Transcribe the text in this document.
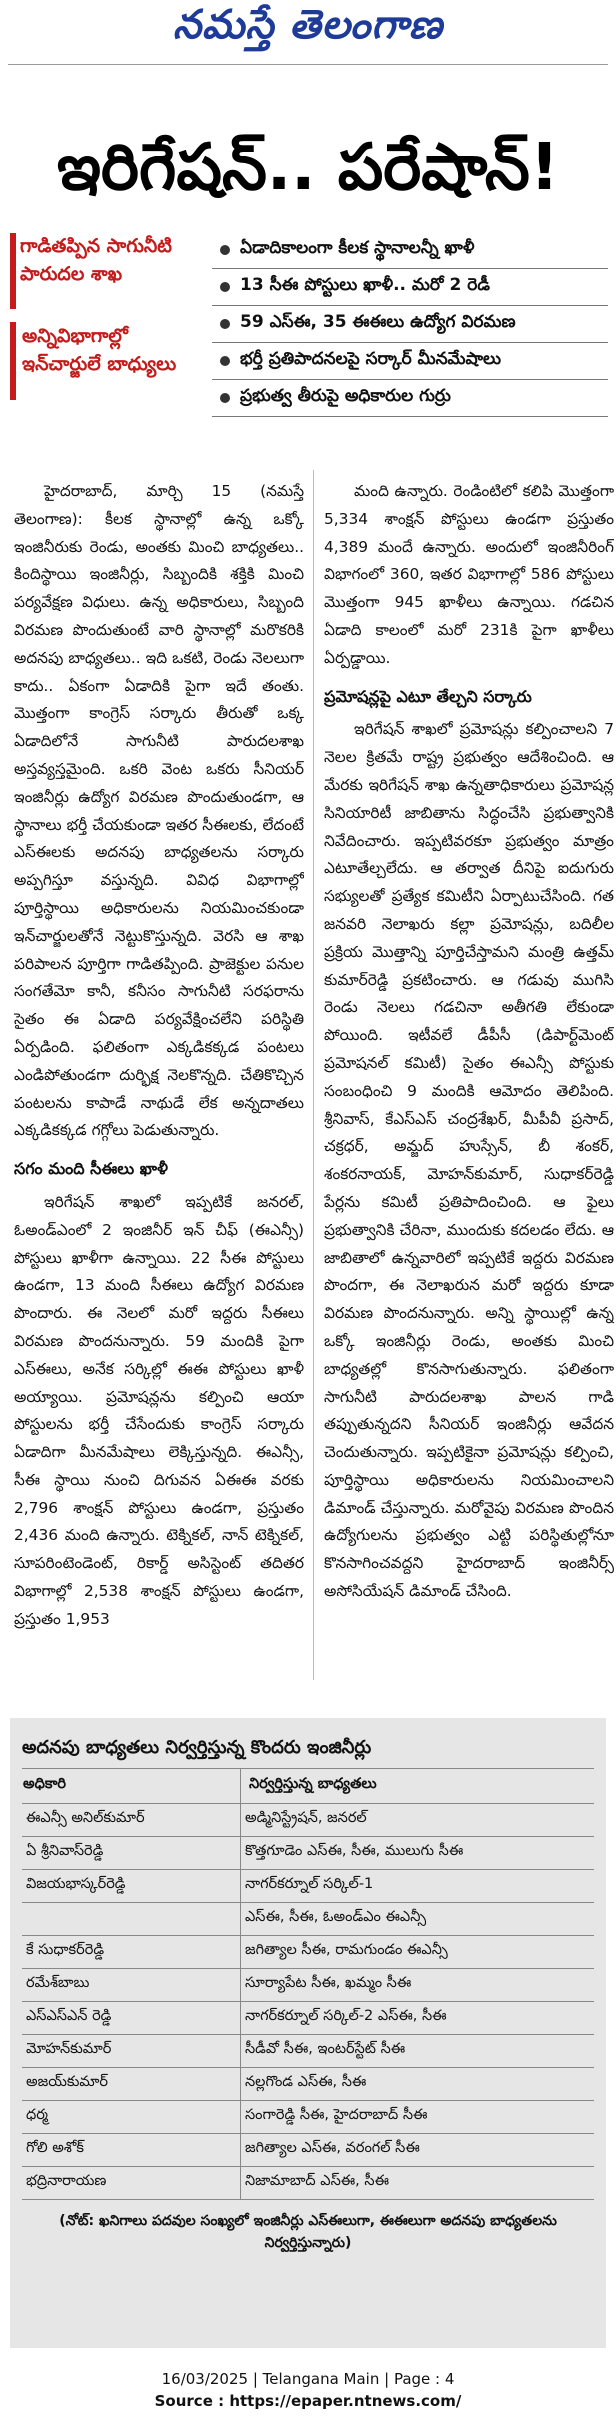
నమస్తే తెలంగాణ
ఇరిగేషన్.. పరేషాన్!
గాడితప్పిన సాగునీటి పారుదల శాఖ
అన్నివిభాగాల్లో ఇన్‌చార్జులే బాధ్యులు
ఏడాదికాలంగా కీలక స్థానాలన్నీ ఖాళీ
13 సీఈ పోస్టులు ఖాళీ.. మరో 2 రెడీ
59 ఎస్ఈ, 35 ఈఈలు ఉద్యోగ విరమణ
భర్తీ ప్రతిపాదనలపై సర్కార్ మీనమేషాలు
ప్రభుత్వ తీరుపై అధికారుల గుర్రు

హైదరాబాద్, మార్చి 15 (నమస్తే తెలంగాణ): కీలక స్థానాల్లో ఉన్న ఒక్కో ఇంజినీరుకు రెండు, అంతకు మించి బాధ్యతలు.. కిందిస్థాయి ఇంజినీర్లు, సిబ్బందికి శక్తికి మించి పర్యవేక్షణ విధులు. ఉన్న అధికారులు, సిబ్బంది విరమణ పొందుతుంటే వారి స్థానాల్లో మరొకరికి అదనపు బాధ్యతలు.. ఇది ఒకటి, రెండు నెలలుగా కాదు.. ఏకంగా ఏడాదికి పైగా ఇదే తంతు. మొత్తంగా కాంగ్రెస్ సర్కారు తీరుతో ఒక్క ఏడాదిలోనే సాగునీటి పారుదలశాఖ అస్తవ్యస్తమైంది. ఒకరి వెంట ఒకరు సీనియర్ ఇంజినీర్లు ఉద్యోగ విరమణ పొందుతుండగా, ఆ స్థానాలు భర్తీ చేయకుండా ఇతర సీఈలకు, లేదంటే ఎస్ఈలకు అదనపు బాధ్యతలను సర్కారు అప్పగిస్తూ వస్తున్నది. వివిధ విభాగాల్లో పూర్తిస్థాయి అధికారులను నియమించకుండా ఇన్‌చార్జులతోనే నెట్టుకొస్తున్నది. వెరసి ఆ శాఖ పరిపాలన పూర్తిగా గాడితప్పింది. ప్రాజెక్టుల పనుల సంగతేమో కానీ, కనీసం సాగునీటి సరఫరాను సైతం ఈ ఏడాది పర్యవేక్షించలేని పరిస్థితి ఏర్పడింది. ఫలితంగా ఎక్కడికక్కడ పంటలు ఎండిపోతుండగా దుర్భిక్ష నెలకొన్నది. చేతికొచ్చిన పంటలను కాపాడే నాథుడే లేక అన్నదాతలు ఎక్కడికక్కడ గగ్గోలు పెడుతున్నారు.

సగం మంది సీఈలు ఖాళీ

ఇరిగేషన్ శాఖలో ఇప్పటికే జనరల్, ఓఅండ్ఎంలో 2 ఇంజినీర్ ఇన్ చీఫ్ (ఈఎన్సీ) పోస్టులు ఖాళీగా ఉన్నాయి. 22 సీఈ పోస్టులు ఉండగా, 13 మంది సీఈలు ఉద్యోగ విరమణ పొందారు. ఈ నెలలో మరో ఇద్దరు సీఈలు విరమణ పొందనున్నారు. 59 మందికి పైగా ఎస్ఈలు, అనేక సర్కిల్లో ఈఈ పోస్టులు ఖాళీ అయ్యాయి. ప్రమోషన్లను కల్పించి ఆయా పోస్టులను భర్తీ చేసేందుకు కాంగ్రెస్ సర్కారు ఏడాదిగా మీనమేషాలు లెక్కిస్తున్నది. ఈఎన్సీ, సీఈ స్థాయి నుంచి దిగువన ఏఈఈ వరకు 2,796 శాంక్షన్ పోస్టులు ఉండగా, ప్రస్తుతం 2,436 మంది ఉన్నారు. టెక్నికల్, నాన్ టెక్నికల్, సూపరింటెండెంట్, రికార్డ్ అసిస్టెంట్ తదితర విభాగాల్లో 2,538 శాంక్షన్ పోస్టులు ఉండగా, ప్రస్తుతం 1,953

మంది ఉన్నారు. రెండింటిలో కలిపి మొత్తంగా 5,334 శాంక్షన్ పోస్టులు ఉండగా ప్రస్తుతం 4,389 మందే ఉన్నారు. అందులో ఇంజినీరింగ్ విభాగంలో 360, ఇతర విభాగాల్లో 586 పోస్టులు మొత్తంగా 945 ఖాళీలు ఉన్నాయి. గడచిన ఏడాది కాలంలో మరో 231కి పైగా ఖాళీలు ఏర్పడ్డాయి.

ప్రమోషన్లపై ఎటూ తేల్చని సర్కారు

ఇరిగేషన్ శాఖలో ప్రమోషన్లు కల్పించాలని 7 నెలల క్రితమే రాష్ట్ర ప్రభుత్వం ఆదేశించింది. ఆ మేరకు ఇరిగేషన్ శాఖ ఉన్నతాధికారులు ప్రమోషన్ల సినియారిటీ జాబితాను సిద్ధంచేసి ప్రభుత్వానికి నివేదించారు. ఇప్పటివరకూ ప్రభుత్వం మాత్రం ఎటూతేల్చలేదు. ఆ తర్వాత దీనిపై ఐదుగురు సభ్యులతో ప్రత్యేక కమిటీని ఏర్పాటుచేసింది. గత జనవరి నెలాఖరు కల్లా ప్రమోషన్లు, బదిలీల ప్రక్రియ మొత్తాన్ని పూర్తిచేస్తామని మంత్రి ఉత్తమ్ కుమార్‌రెడ్డి ప్రకటించారు. ఆ గడువు ముగిసి రెండు నెలలు గడచినా అతీగతి లేకుండా పోయింది. ఇటీవలే డీపీసీ (డిపార్ట్‌మెంట్ ప్రమోషనల్ కమిటీ) సైతం ఈఎన్సీ పోస్టుకు సంబంధించి 9 మందికి ఆమోదం తెలిపింది. శ్రీనివాస్, కేఎస్ఎస్ చంద్రశేఖర్, మీపీవీ ప్రసాద్, చక్రధర్, అమ్జద్ హుస్సేన్, బీ శంకర్, శంకరనాయక్, మోహన్‌కుమార్, సుధాకర్‌రెడ్డి పేర్లను కమిటీ ప్రతిపాదించింది. ఆ ఫైలు ప్రభుత్వానికి చేరినా, ముందుకు కదలడం లేదు. ఆ జాబితాలో ఉన్నవారిలో ఇప్పటికే ఇద్దరు విరమణ పొందగా, ఈ నెలాఖరున మరో ఇద్దరు కూడా విరమణ పొందనున్నారు. అన్ని స్థాయిల్లో ఉన్న ఒక్కో ఇంజినీర్లు రెండు, అంతకు మించి బాధ్యతల్లో కొనసాగుతున్నారు. ఫలితంగా సాగునీటి పారుదలశాఖ పాలన గాడి తప్పుతున్నదని సీనియర్ ఇంజినీర్లు ఆవేదన చెందుతున్నారు. ఇప్పటికైనా ప్రమోషన్లు కల్పించి, పూర్తిస్థాయి అధికారులను నియమించాలని డిమాండ్ చేస్తున్నారు. మరోవైపు విరమణ పొందిన ఉద్యోగులను ప్రభుత్వం ఎట్టి పరిస్థితుల్లోనూ కొనసాగించవద్దని హైదరాబాద్ ఇంజినీర్స్ అసోసియేషన్ డిమాండ్ చేసింది.

అదనపు బాధ్యతలు నిర్వర్తిస్తున్న కొందరు ఇంజినీర్లు
అధికారి	నిర్వర్తిస్తున్న బాధ్యతలు
ఈఎన్సీ అనిల్‌కుమార్	అడ్మినిస్ట్రేషన్, జనరల్
ఏ శ్రీనివాస్‌రెడ్డి	కొత్తగూడెం ఎస్ఈ, సీఈ, ములుగు సీఈ
విజయభాస్కర్‌రెడ్డి	నాగర్‌కర్నూల్ సర్కిల్-1
	ఎస్ఈ, సీఈ, ఓఅండ్ఎం ఈఎన్సీ
కే సుధాకర్‌రెడ్డి	జగిత్యాల సీఈ, రామగుండం ఈఎన్సీ
రమేశ్‌బాబు	సూర్యాపేట సీఈ, ఖమ్మం సీఈ
ఎస్ఎస్ఎన్ రెడ్డి	నాగర్‌కర్నూల్ సర్కిల్-2 ఎస్ఈ, సీఈ
మోహన్‌కుమార్	సీడీవో సీఈ, ఇంటర్‌స్టేట్ సీఈ
అజయ్‌కుమార్	నల్లగొండ ఎస్ఈ, సీఈ
ధర్మ	సంగారెడ్డి సీఈ, హైదరాబాద్ సీఈ
గోలి అశోక్	జగిత్యాల ఎస్ఈ, వరంగల్ సీఈ
భద్రినారాయణ	నిజామాబాద్ ఎస్ఈ, సీఈ
(నోట్: ఖనిగాలు పదవుల సంఖ్యలో ఇంజినీర్లు ఎస్ఈలుగా, ఈఈలుగా అదనపు బాధ్యతలను నిర్వర్తిస్తున్నారు)
16/03/2025 | Telangana Main | Page : 4
Source : https://epaper.ntnews.com/
